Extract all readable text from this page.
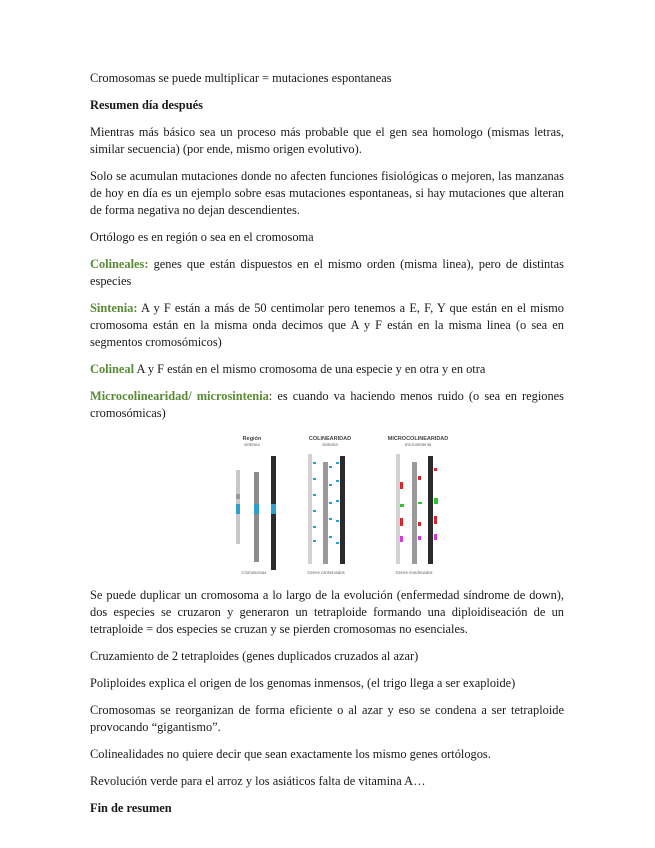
Cromosomas se puede multiplicar = mutaciones espontaneas

Resumen día después

Mientras más básico sea un proceso más probable que el gen sea homologo (mismas letras, similar secuencia) (por ende, mismo origen evolutivo).

Solo se acumulan mutaciones donde no afecten funciones fisiológicas o mejoren, las manzanas de hoy en día es un ejemplo sobre esas mutaciones espontaneas, si hay mutaciones que alteran de forma negativa no dejan descendientes.

Ortólogo es en región o sea en el cromosoma

Colineales: genes que están dispuestos en el mismo orden (misma linea), pero de distintas especies

Sintenia: A y F están a más de 50 centimolar pero tenemos a E, F, Y que están en el mismo cromosoma están en la misma onda decimos que A y F están en la misma linea (o sea en segmentos cromosómicos)

Colineal A y F están en el mismo cromosoma de una especie y en otra y en otra

Microcolinearidad/ microsintenia: es cuando va haciendo menos ruido (o sea en regiones cromosómicas)

Región
sintenia
COLINEARIDAD
sintenia
MICROCOLINEARIDAD
microsintenia
Cromosomas	Genes conservados	Genes reordenados

Se puede duplicar un cromosoma a lo largo de la evolución (enfermedad síndrome de down), dos especies se cruzaron y generaron un tetraploide formando una diploidiseación de un tetraploide = dos especies se cruzan y se pierden cromosomas no esenciales.

Cruzamiento de 2 tetraploides (genes duplicados cruzados al azar)

Poliploides explica el origen de los genomas inmensos, (el trigo llega a ser exaploide)

Cromosomas se reorganizan de forma eficiente o al azar y eso se condena a ser tetraploide provocando “gigantismo”.

Colinealidades no quiere decir que sean exactamente los mismo genes ortólogos.

Revolución verde para el arroz y los asiáticos falta de vitamina A…

Fin de resumen
